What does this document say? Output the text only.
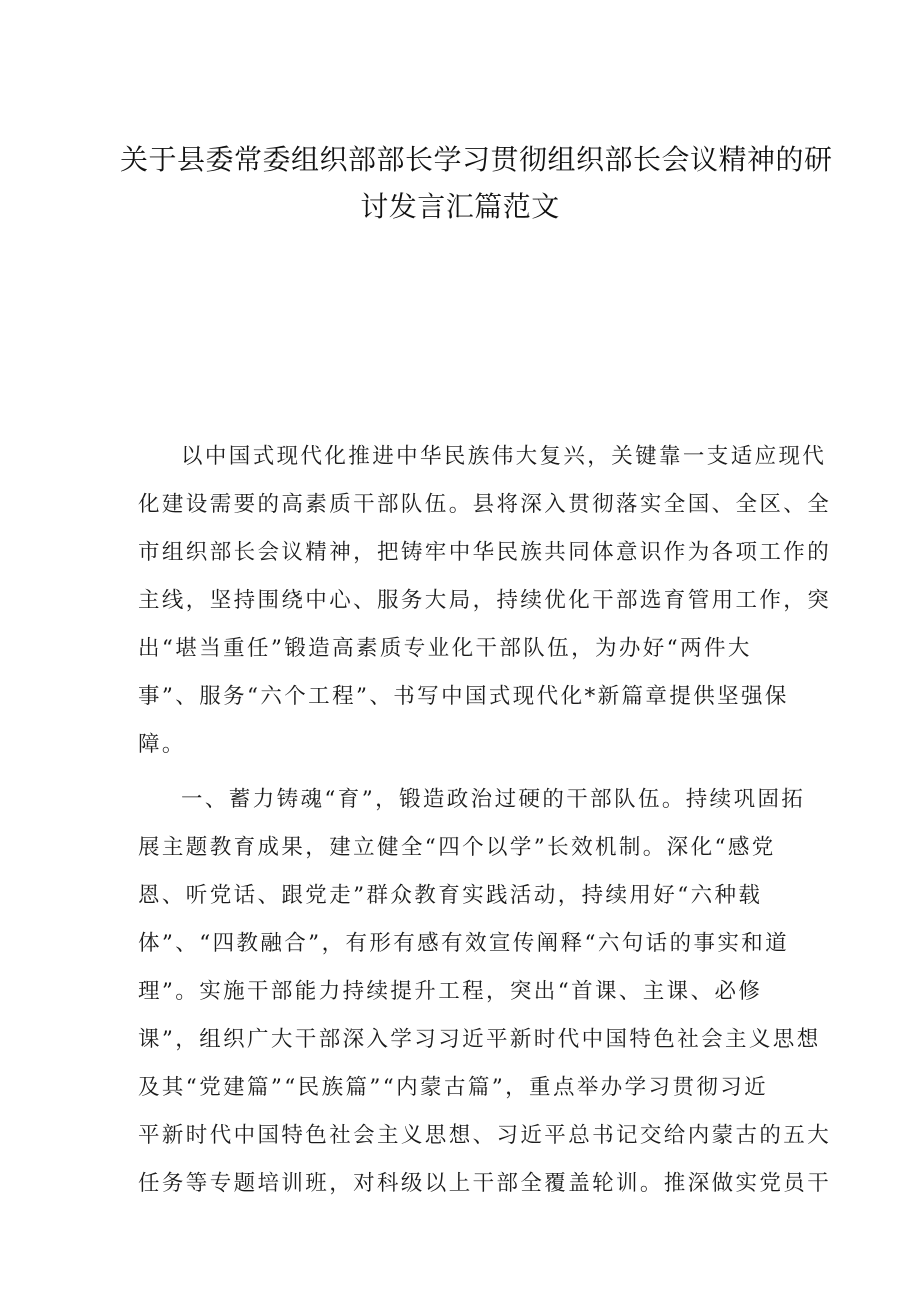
关于县委常委组织部部长学习贯彻组织部长会议精神的研
讨发言汇篇范文
以中国式现代化推进中华民族伟大复兴，关键靠一支适应现代
化建设需要的高素质干部队伍。县将深入贯彻落实全国、全区、全
市组织部长会议精神，把铸牢中华民族共同体意识作为各项工作的
主线，坚持围绕中心、服务大局，持续优化干部选育管用工作，突
出“堪当重任”锻造高素质专业化干部队伍，为办好“两件大
事”、服务“六个工程”、书写中国式现代化*新篇章提供坚强保
障。
一、蓄力铸魂“育”，锻造政治过硬的干部队伍。持续巩固拓
展主题教育成果，建立健全“四个以学”长效机制。深化“感党
恩、听党话、跟党走”群众教育实践活动，持续用好“六种载
体”、“四教融合”，有形有感有效宣传阐释“六句话的事实和道
理”。实施干部能力持续提升工程，突出“首课、主课、必修
课”，组织广大干部深入学习习近平新时代中国特色社会主义思想
及其“党建篇”“民族篇”“内蒙古篇”，重点举办学习贯彻习近
平新时代中国特色社会主义思想、习近平总书记交给内蒙古的五大
任务等专题培训班，对科级以上干部全覆盖轮训。推深做实党员干
